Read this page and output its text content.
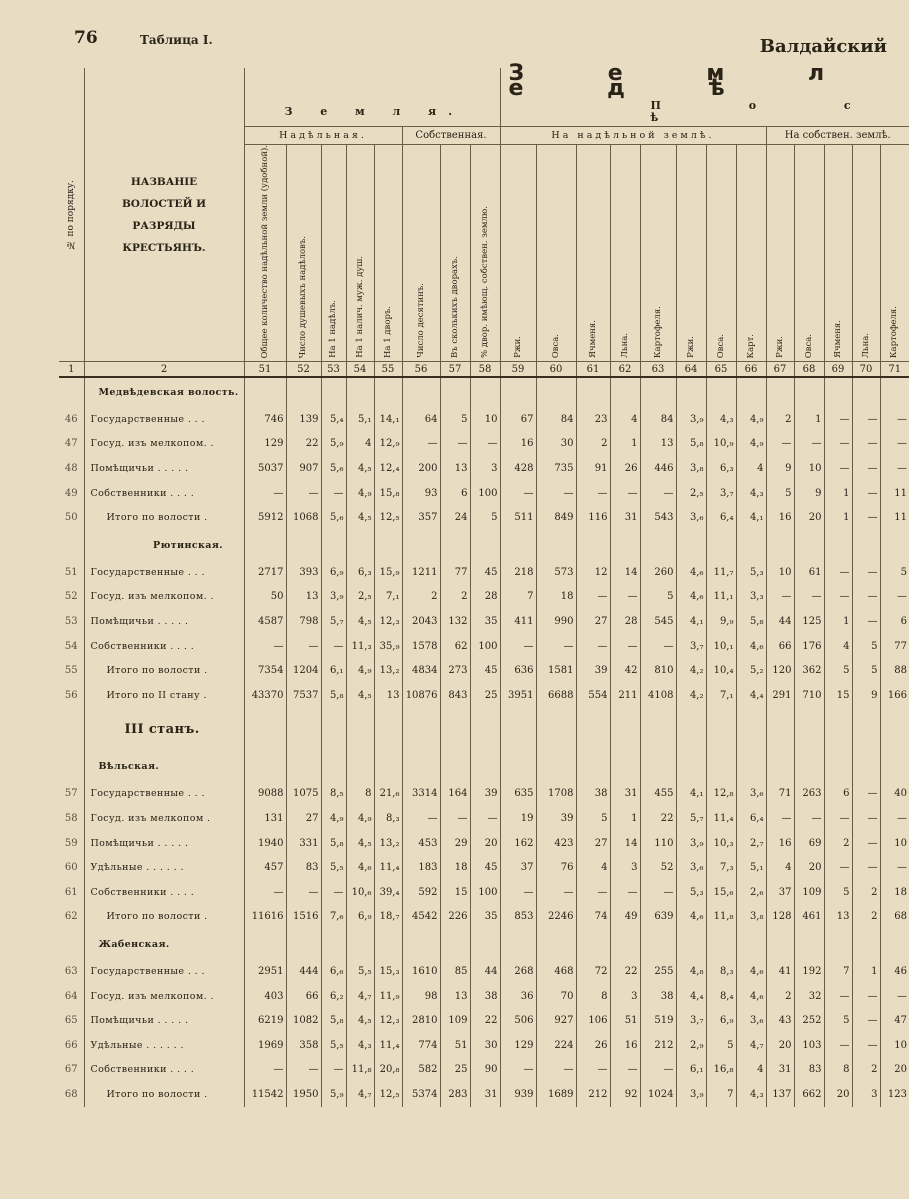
76	Таблица I.	Валдайский
№ по порядку.	НАЗВАНІЕ ВОЛОСТЕЙ И РАЗРЯДЫ КРЕСТЬЯНЪ.									З е м л е д ѣ												
		З е м л я.								П о с ѣ												
		Надѣльная.					Собственная.			На надѣльной землѣ.								На собствен. землѣ.				

		Общее количество надѣльной земли (удобной).	Число душевыхъ надѣловъ.	На 1 надѣлъ.	На 1 налич. муж. душ.	На 1 дворъ.	Число десятинъ.	Въ сколькихъ дворахъ.	% двор. имѣющ. собствен. землю.	Ржи.	Овса.	Ячменя.	Льна.	Картофеля.	Ржи.	Овса.	Карт.	Ржи.	Овса.	Ячменя.	Льна.	Картофеля.

1	2	51	52	53	54	55	56	57	58	59	60	61	62	63	64	65	66	67	68	69	70	71
	Медвѣдевская волость.																					
46	Государственные . . .	746	139	5,₄	5,₁	14,₁	64	5	10	67	84	23	4	84	3,₉	4,₃	4,₉	2	1	—	—	—
47	Госуд. изъ мелкопом. .	129	22	5,₉	4	12,₉	—	—	—	16	30	2	1	13	5,₈	10,₉	4,₉	—	—	—	—	—
48	Помѣщичьи . . . . .	5037	907	5,₆	4,₅	12,₄	200	13	3	428	735	91	26	446	3,₈	6,₃	4	9	10	—	—	—
49	Собственники . . . .	—	—	—	4,₉	15,₈	93	6	100	—	—	—	—	—	2,₅	3,₇	4,₃	5	9	1	—	11
50	Итого по волости .	5912	1068	5,₆	4,₅	12,₅	357	24	5	511	849	116	31	543	3,₆	6,₄	4,₁	16	20	1	—	11
	Рютинская.																					
51	Государственные . . .	2717	393	6,₉	6,₃	15,₉	1211	77	45	218	573	12	14	260	4,₆	11,₇	5,₃	10	61	—	—	5
52	Госуд. изъ мелкопом. .	50	13	3,₉	2,₅	7,₁	2	2	28	7	18	—	—	5	4,₆	11,₁	3,₃	—	—	—	—	—
53	Помѣщичьи . . . . .	4587	798	5,₇	4,₅	12,₃	2043	132	35	411	990	27	28	545	4,₁	9,₉	5,₈	44	125	1	—	6
54	Собственники . . . .	—	—	—	11,₃	35,₉	1578	62	100	—	—	—	—	—	3,₇	10,₁	4,₆	66	176	4	5	77
55	Итого по волости .	7354	1204	6,₁	4,₉	13,₂	4834	273	45	636	1581	39	42	810	4,₂	10,₄	5,₂	120	362	5	5	88
56	Итого по II стану .	43370	7537	5,₈	4,₅	13	10876	843	25	3951	6688	554	211	4108	4,₂	7,₁	4,₄	291	710	15	9	166
	III станъ.																					
	Вѣльская.																					
57	Государственные . . .	9088	1075	8,₅	8	21,₆	3314	164	39	635	1708	38	31	455	4,₁	12,₈	3,₆	71	263	6	—	40
58	Госуд. изъ мелкопом .	131	27	4,₉	4,₉	8,₃	—	—	—	19	39	5	1	22	5,₇	11,₄	6,₄	—	—	—	—	—
59	Помѣщичьи . . . . .	1940	331	5,₈	4,₅	13,₂	453	29	20	162	423	27	14	110	3,₉	10,₃	2,₇	16	69	2	—	10
60	Удѣльные . . . . . .	457	83	5,₅	4,₆	11,₄	183	18	45	37	76	4	3	52	3,₆	7,₃	5,₁	4	20	—	—	—
61	Собственники . . . .	—	—	—	10,₆	39,₄	592	15	100	—	—	—	—	—	5,₃	15,₆	2,₆	37	109	5	2	18
62	Итого по волости .	11616	1516	7,₆	6,₉	18,₇	4542	226	35	853	2246	74	49	639	4,₆	11,₈	3,₈	128	461	13	2	68
	Жабенская.																					
63	Государственные . . .	2951	444	6,₆	5,₅	15,₃	1610	85	44	268	468	72	22	255	4,₈	8,₃	4,₆	41	192	7	1	46
64	Госуд. изъ мелкопом. .	403	66	6,₂	4,₇	11,₉	98	13	38	36	70	8	3	38	4,₄	8,₄	4,₆	2	32	—	—	—
65	Помѣщичьи . . . . .	6219	1082	5,₈	4,₅	12,₃	2810	109	22	506	927	106	51	519	3,₇	6,₉	3,₆	43	252	5	—	47
66	Удѣльные . . . . . .	1969	358	5,₅	4,₃	11,₄	774	51	30	129	224	26	16	212	2,₉	5	4,₇	20	103	—	—	10
67	Собственники . . . .	—	—	—	11,₈	20,₈	582	25	90	—	—	—	—	—	6,₁	16,₈	4	31	83	8	2	20
68	Итого по волости .	11542	1950	5,₉	4,₇	12,₅	5374	283	31	939	1689	212	92	1024	3,₉	7	4,₃	137	662	20	3	123
